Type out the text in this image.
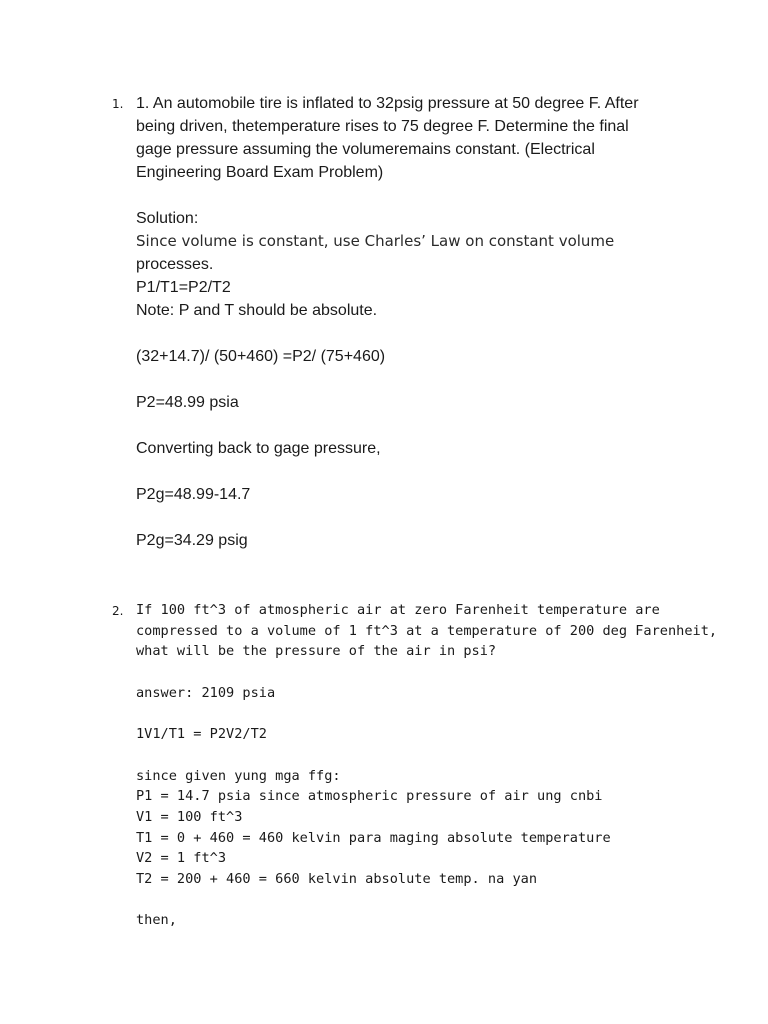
1. 1. An automobile tire is inflated to 32psig pressure at 50 degree F. After

being driven, thetemperature rises to 75 degree F. Determine the final

gage pressure assuming the volumeremains constant. (Electrical

Engineering Board Exam Problem)

Solution:

Since volume is constant, use Charles’ Law on constant volume

processes.

P1/T1=P2/T2

Note: P and T should be absolute.

(32+14.7)/ (50+460) =P2/ (75+460)

P2=48.99 psia

Converting back to gage pressure,

P2g=48.99-14.7

P2g=34.29 psig

2. If 100 ft^3 of atmospheric air at zero Farenheit temperature are

compressed to a volume of 1 ft^3 at a temperature of 200 deg Farenheit,

what will be the pressure of the air in psi?

answer: 2109 psia

1V1/T1 = P2V2/T2

since given yung mga ffg:

P1 = 14.7 psia since atmospheric pressure of air ung cnbi

V1 = 100 ft^3

T1 = 0 + 460 = 460 kelvin para maging absolute temperature

V2 = 1 ft^3

T2 = 200 + 460 = 660 kelvin absolute temp. na yan

then,
